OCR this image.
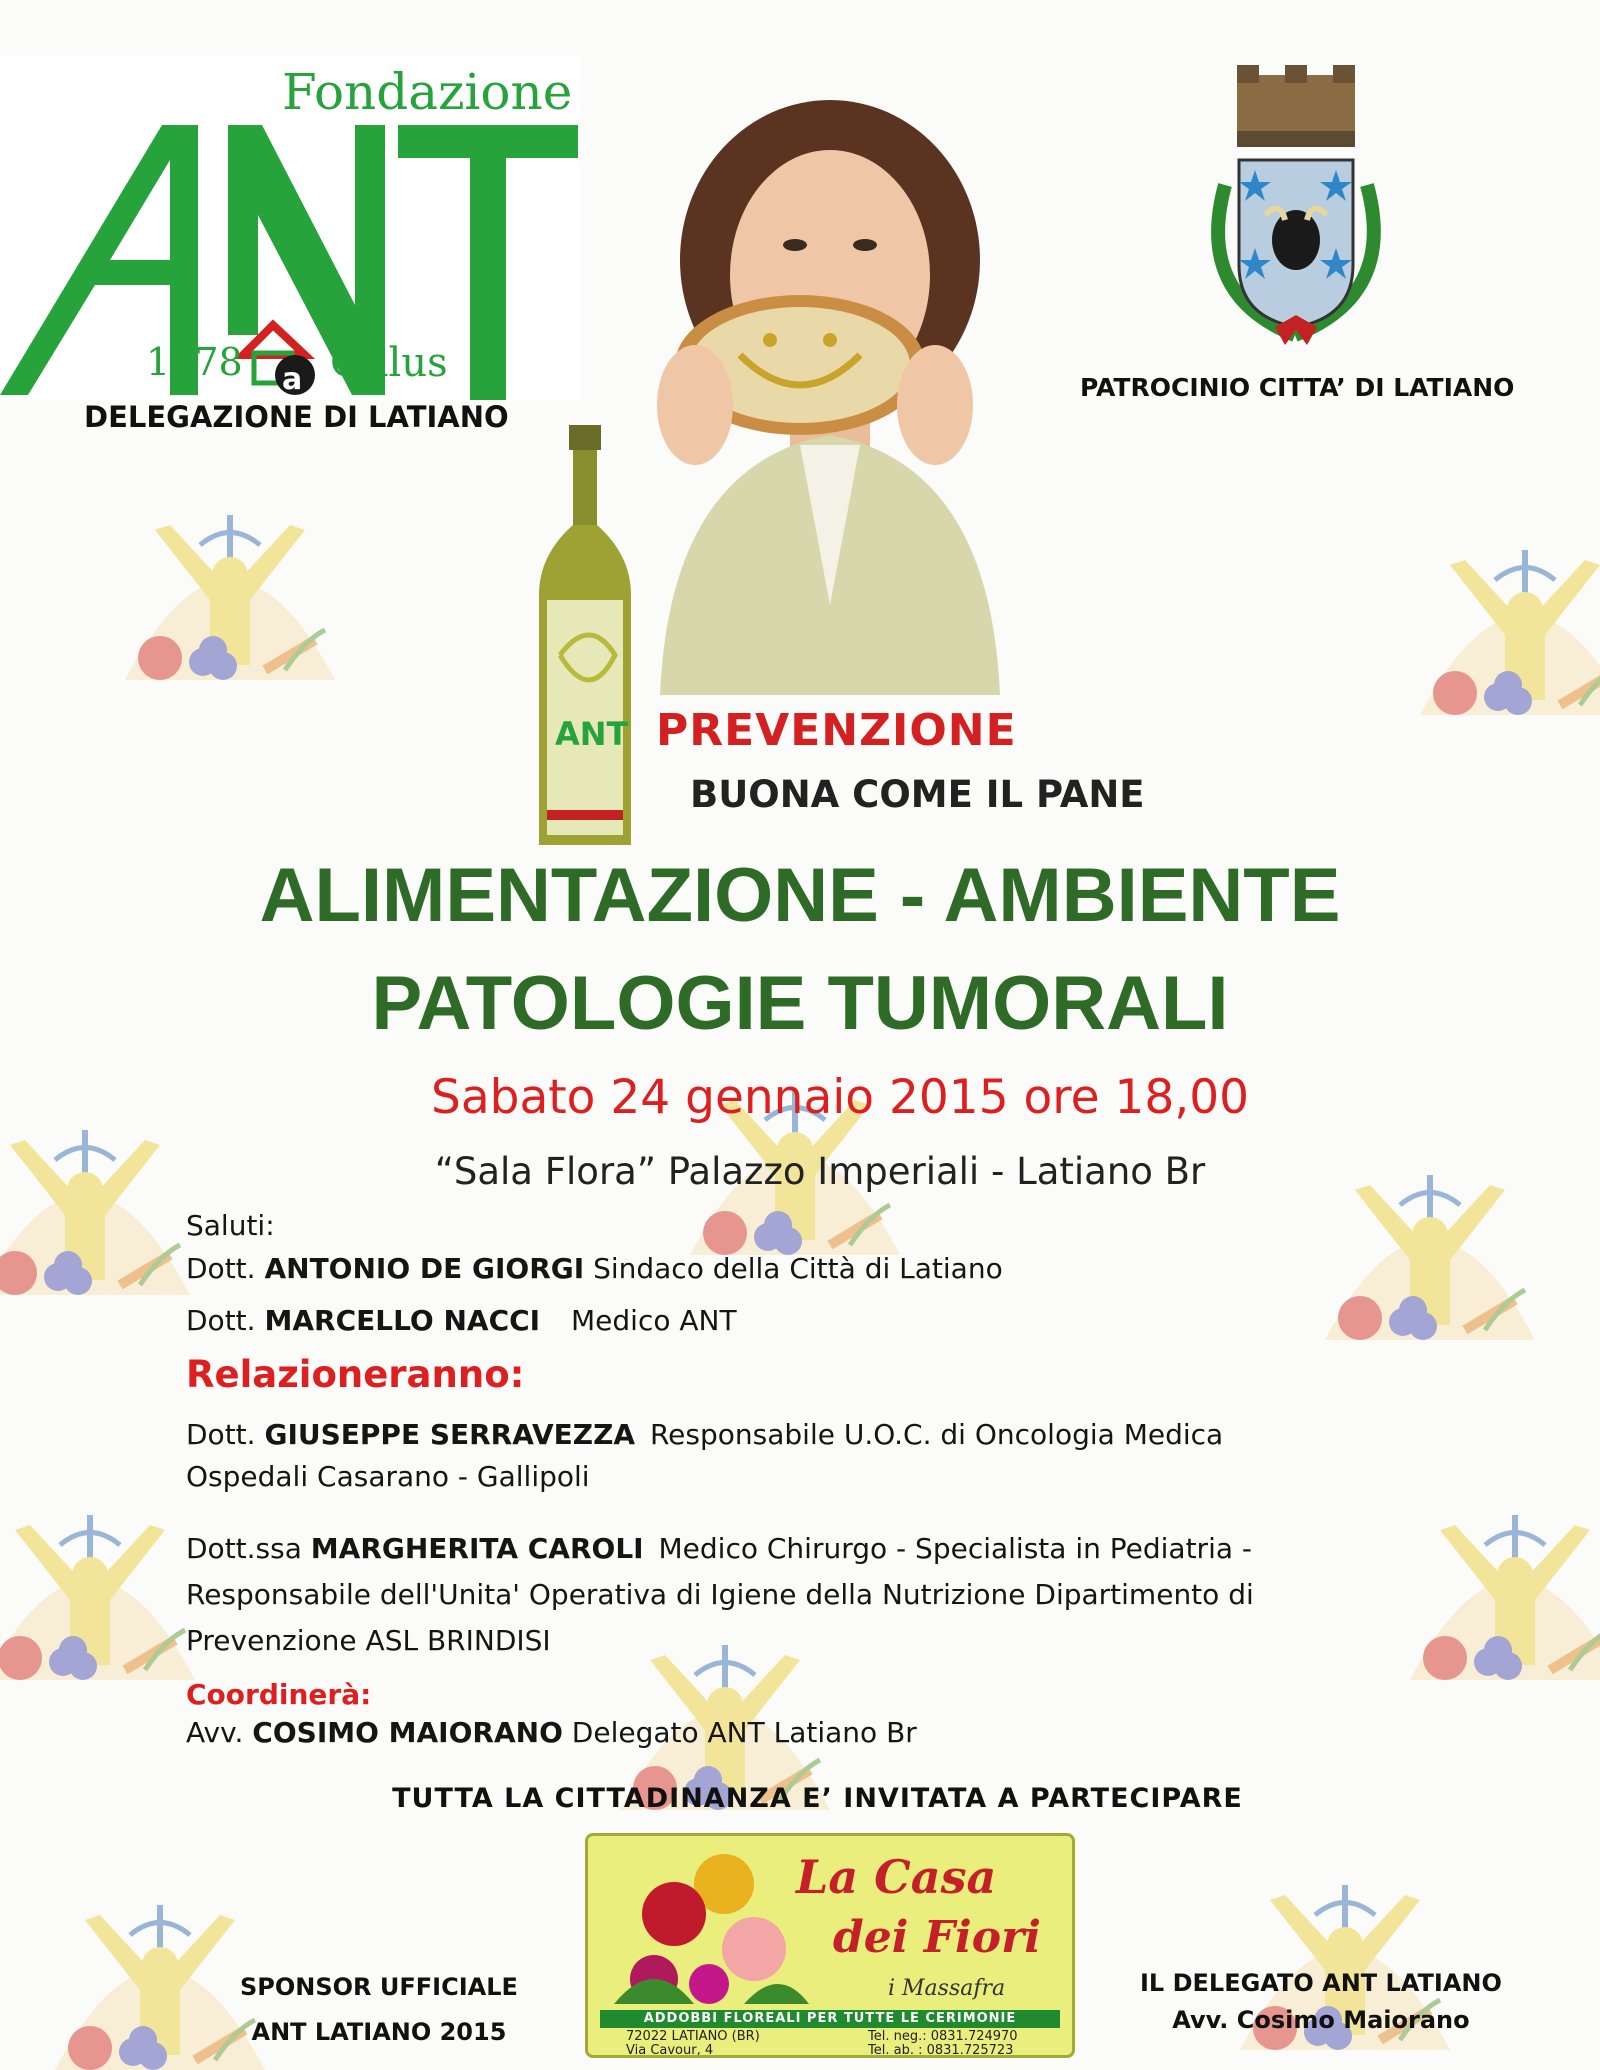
Fondazione
a
1978 Onlus
DELEGAZIONE DI LATIANO
PATROCINIO CITTA’ DI LATIANO
ANT PREVENZIONE
BUONA COME IL PANE
ALIMENTAZIONE - AMBIENTE
PATOLOGIE TUMORALI
Sabato 24 gennaio 2015 ore 18,00
“Sala Flora” Palazzo Imperiali - Latiano Br
Saluti:
Dott. ANTONIO DE GIORGI Sindaco della Città di Latiano
Dott. MARCELLO NACCI Medico ANT
Relazioneranno:
Dott. GIUSEPPE SERRAVEZZA Responsabile U.O.C. di Oncologia Medica
Ospedali Casarano - Gallipoli
Dott.ssa MARGHERITA CAROLI Medico Chirurgo - Specialista in Pediatria -
Responsabile dell'Unita' Operativa di Igiene della Nutrizione Dipartimento di
Prevenzione ASL BRINDISI
Coordinerà:
Avv. COSIMO MAIORANO Delegato ANT Latiano Br
TUTTA LA CITTADINANZA E’ INVITATA A PARTECIPARE
La Casa
dei Fiori
i Massafra
ADDOBBI FLOREALI PER TUTTE LE CERIMONIE
72022 LATIANO (BR)
Via Cavour, 4
Tel. neg.: 0831.724970
Tel. ab. : 0831.725723
SPONSOR UFFICIALE
ANT LATIANO 2015
IL DELEGATO ANT LATIANO
Avv. Cosimo Maiorano
